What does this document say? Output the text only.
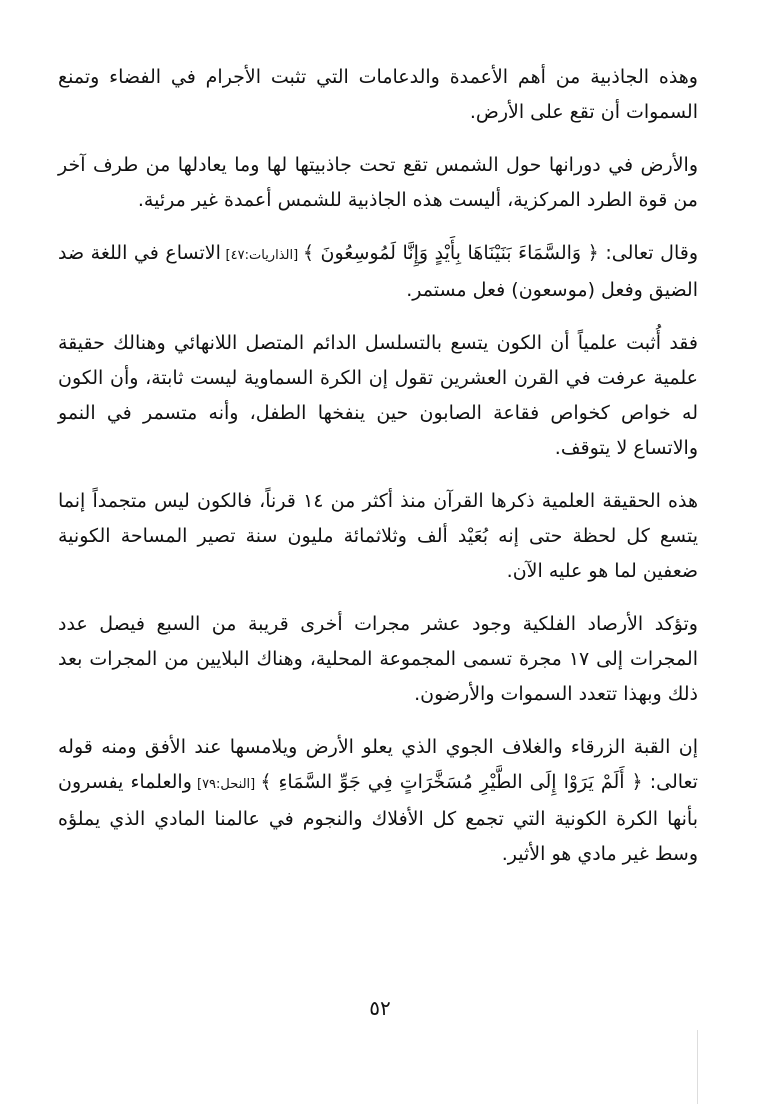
وهذه الجاذبية من أهم الأعمدة والدعامات التي تثبت الأجرام في الفضاء وتمنع السموات أن تقع على الأرض.

والأرض في دورانها حول الشمس تقع تحت جاذبيتها لها وما يعادلها من طرف آخر من قوة الطرد المركزية، أليست هذه الجاذبية للشمس أعمدة غير مرئية.

وقال تعالى: ﴿ وَالسَّمَاءَ بَنَيْنَاهَا بِأَيْدٍ وَإِنَّا لَمُوسِعُونَ ﴾ [الذاريات:٤٧] الاتساع في اللغة ضد الضيق وفعل (موسعون) فعل مستمر.

فقد أُثبت علمياً أن الكون يتسع بالتسلسل الدائم المتصل اللانهائي وهنالك حقيقة علمية عرفت في القرن العشرين تقول إن الكرة السماوية ليست ثابتة، وأن الكون له خواص كخواص فقاعة الصابون حين ينفخها الطفل، وأنه متسمر في النمو والاتساع لا يتوقف.

هذه الحقيقة العلمية ذكرها القرآن منذ أكثر من ١٤ قرناً، فالكون ليس متجمداً إنما يتسع كل لحظة حتى إنه بُعَيْد ألف وثلاثمائة مليون سنة تصير المساحة الكونية ضعفين لما هو عليه الآن.

وتؤكد الأرصاد الفلكية وجود عشر مجرات أخرى قريبة من السبع فيصل عدد المجرات إلى ١٧ مجرة تسمى المجموعة المحلية، وهناك البلايين من المجرات بعد ذلك وبهذا تتعدد السموات والأرضون.

إن القبة الزرقاء والغلاف الجوي الذي يعلو الأرض ويلامسها عند الأفق ومنه قوله تعالى: ﴿ أَلَمْ يَرَوْا إِلَى الطَّيْرِ مُسَخَّرَاتٍ فِي جَوِّ السَّمَاءِ ﴾ [النحل:٧٩] والعلماء يفسرون بأنها الكرة الكونية التي تجمع كل الأفلاك والنجوم في عالمنا المادي الذي يملؤه وسط غير مادي هو الأثير.

٥٢
